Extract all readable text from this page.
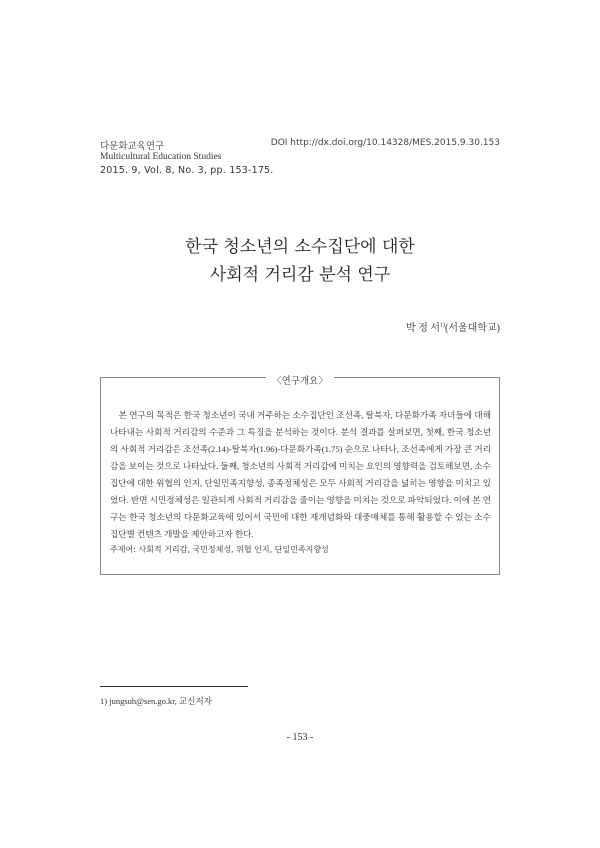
다문화교육연구	DOI http://dx.doi.org/10.14328/MES.2015.9.30.153
Multicultural Education Studies
2015. 9, Vol. 8, No. 3, pp. 153-175.
한국 청소년의 소수집단에 대한
사회적 거리감 분석 연구
박 정 서$^{1)}$(서울대학교)
〈연구개요〉
본 연구의 목적은 한국 청소년이 국내 거주하는 소수집단인 조선족, 탈북자, 다문화가족 자녀들에 대해 나타내는 사회적 거리감의 수준과 그 특징을 분석하는 것이다. 분석 결과를 살펴보면, 첫째, 한국 청소년의 사회적 거리감은 조선족(2.14)-탈북자(1.96)-다문화가족(1.75) 순으로 나타나, 조선족에게 가장 큰 거리감을 보이는 것으로 나타났다. 둘째, 청소년의 사회적 거리감에 미치는 요인의 영향력을 검토해보면, 소수집단에 대한 위협의 인지, 단일민족지향성, 종족정체성은 모두 사회적 거리감을 넓히는 영향을 미치고 있었다. 반면 시민정체성은 일관되게 사회적 거리감을 줄이는 영향을 미치는 것으로 파악되었다. 이에 본 연구는 한국 청소년의 다문화교육에 있어서 국민에 대한 재개념화와 대중매체를 통해 활용할 수 있는 소수집단별 컨텐츠 개발을 제안하고자 한다.
주제어: 사회적 거리감, 국민정체성, 위협 인지, 단일민족지향성
1) jungsuh@sen.go.kr, 교신저자
- 153 -
